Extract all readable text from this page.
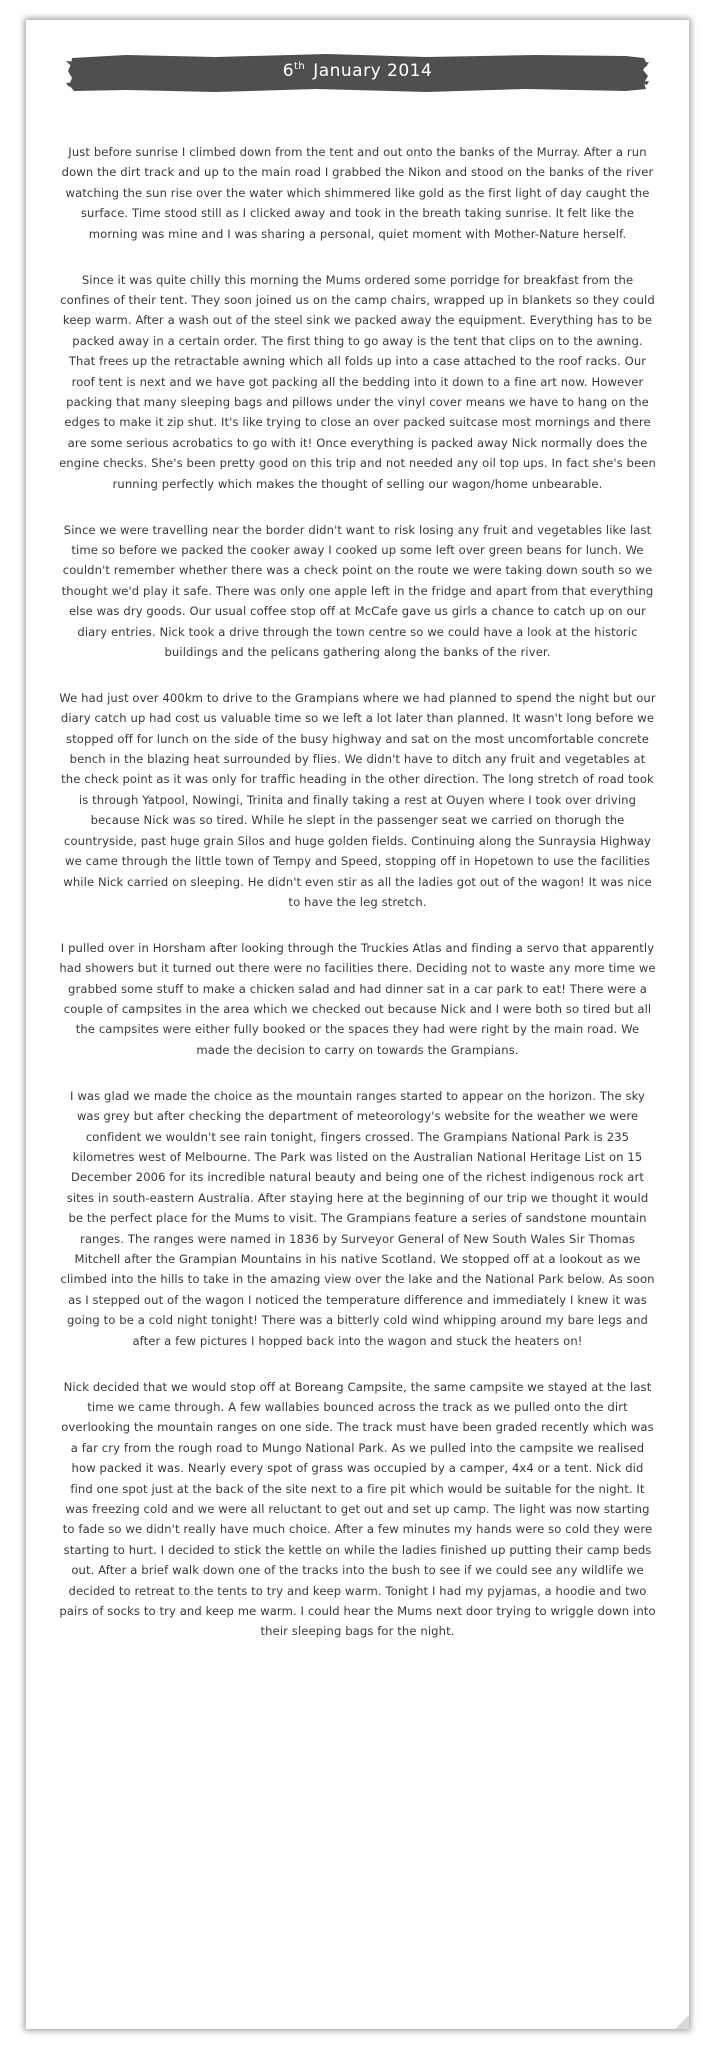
6th January 2014

Just before sunrise I climbed down from the tent and out onto the banks of the Murray. After a run down the dirt track and up to the main road I grabbed the Nikon and stood on the banks of the river watching the sun rise over the water which shimmered like gold as the first light of day caught the surface. Time stood still as I clicked away and took in the breath taking sunrise. It felt like the morning was mine and I was sharing a personal, quiet moment with Mother-Nature herself.

Since it was quite chilly this morning the Mums ordered some porridge for breakfast from the confines of their tent. They soon joined us on the camp chairs, wrapped up in blankets so they could keep warm. After a wash out of the steel sink we packed away the equipment. Everything has to be packed away in a certain order. The first thing to go away is the tent that clips on to the awning. That frees up the retractable awning which all folds up into a case attached to the roof racks. Our roof tent is next and we have got packing all the bedding into it down to a fine art now. However packing that many sleeping bags and pillows under the vinyl cover means we have to hang on the edges to make it zip shut. It's like trying to close an over packed suitcase most mornings and there are some serious acrobatics to go with it! Once everything is packed away Nick normally does the engine checks. She's been pretty good on this trip and not needed any oil top ups. In fact she's been running perfectly which makes the thought of selling our wagon/home unbearable.

Since we were travelling near the border didn't want to risk losing any fruit and vegetables like last time so before we packed the cooker away I cooked up some left over green beans for lunch. We couldn't remember whether there was a check point on the route we were taking down south so we thought we'd play it safe. There was only one apple left in the fridge and apart from that everything else was dry goods. Our usual coffee stop off at McCafe gave us girls a chance to catch up on our diary entries. Nick took a drive through the town centre so we could have a look at the historic buildings and the pelicans gathering along the banks of the river.

We had just over 400km to drive to the Grampians where we had planned to spend the night but our diary catch up had cost us valuable time so we left a lot later than planned. It wasn't long before we stopped off for lunch on the side of the busy highway and sat on the most uncomfortable concrete bench in the blazing heat surrounded by flies. We didn't have to ditch any fruit and vegetables at the check point as it was only for traffic heading in the other direction. The long stretch of road took is through Yatpool, Nowingi, Trinita and finally taking a rest at Ouyen where I took over driving because Nick was so tired. While he slept in the passenger seat we carried on thorugh the countryside, past huge grain Silos and huge golden fields. Continuing along the Sunraysia Highway we came through the little town of Tempy and Speed, stopping off in Hopetown to use the facilities while Nick carried on sleeping. He didn't even stir as all the ladies got out of the wagon! It was nice to have the leg stretch.

I pulled over in Horsham after looking through the Truckies Atlas and finding a servo that apparently had showers but it turned out there were no facilities there. Deciding not to waste any more time we grabbed some stuff to make a chicken salad and had dinner sat in a car park to eat! There were a couple of campsites in the area which we checked out because Nick and I were both so tired but all the campsites were either fully booked or the spaces they had were right by the main road. We made the decision to carry on towards the Grampians.

I was glad we made the choice as the mountain ranges started to appear on the horizon. The sky was grey but after checking the department of meteorology's website for the weather we were confident we wouldn't see rain tonight, fingers crossed. The Grampians National Park is 235 kilometres west of Melbourne. The Park was listed on the Australian National Heritage List on 15 December 2006 for its incredible natural beauty and being one of the richest indigenous rock art sites in south-eastern Australia. After staying here at the beginning of our trip we thought it would be the perfect place for the Mums to visit. The Grampians feature a series of sandstone mountain ranges. The ranges were named in 1836 by Surveyor General of New South Wales Sir Thomas Mitchell after the Grampian Mountains in his native Scotland. We stopped off at a lookout as we climbed into the hills to take in the amazing view over the lake and the National Park below. As soon as I stepped out of the wagon I noticed the temperature difference and immediately I knew it was going to be a cold night tonight! There was a bitterly cold wind whipping around my bare legs and after a few pictures I hopped back into the wagon and stuck the heaters on!

Nick decided that we would stop off at Boreang Campsite, the same campsite we stayed at the last time we came through. A few wallabies bounced across the track as we pulled onto the dirt overlooking the mountain ranges on one side. The track must have been graded recently which was a far cry from the rough road to Mungo National Park. As we pulled into the campsite we realised how packed it was. Nearly every spot of grass was occupied by a camper, 4x4 or a tent. Nick did find one spot just at the back of the site next to a fire pit which would be suitable for the night. It was freezing cold and we were all reluctant to get out and set up camp. The light was now starting to fade so we didn't really have much choice. After a few minutes my hands were so cold they were starting to hurt. I decided to stick the kettle on while the ladies finished up putting their camp beds out. After a brief walk down one of the tracks into the bush to see if we could see any wildlife we decided to retreat to the tents to try and keep warm. Tonight I had my pyjamas, a hoodie and two pairs of socks to try and keep me warm. I could hear the Mums next door trying to wriggle down into their sleeping bags for the night.
